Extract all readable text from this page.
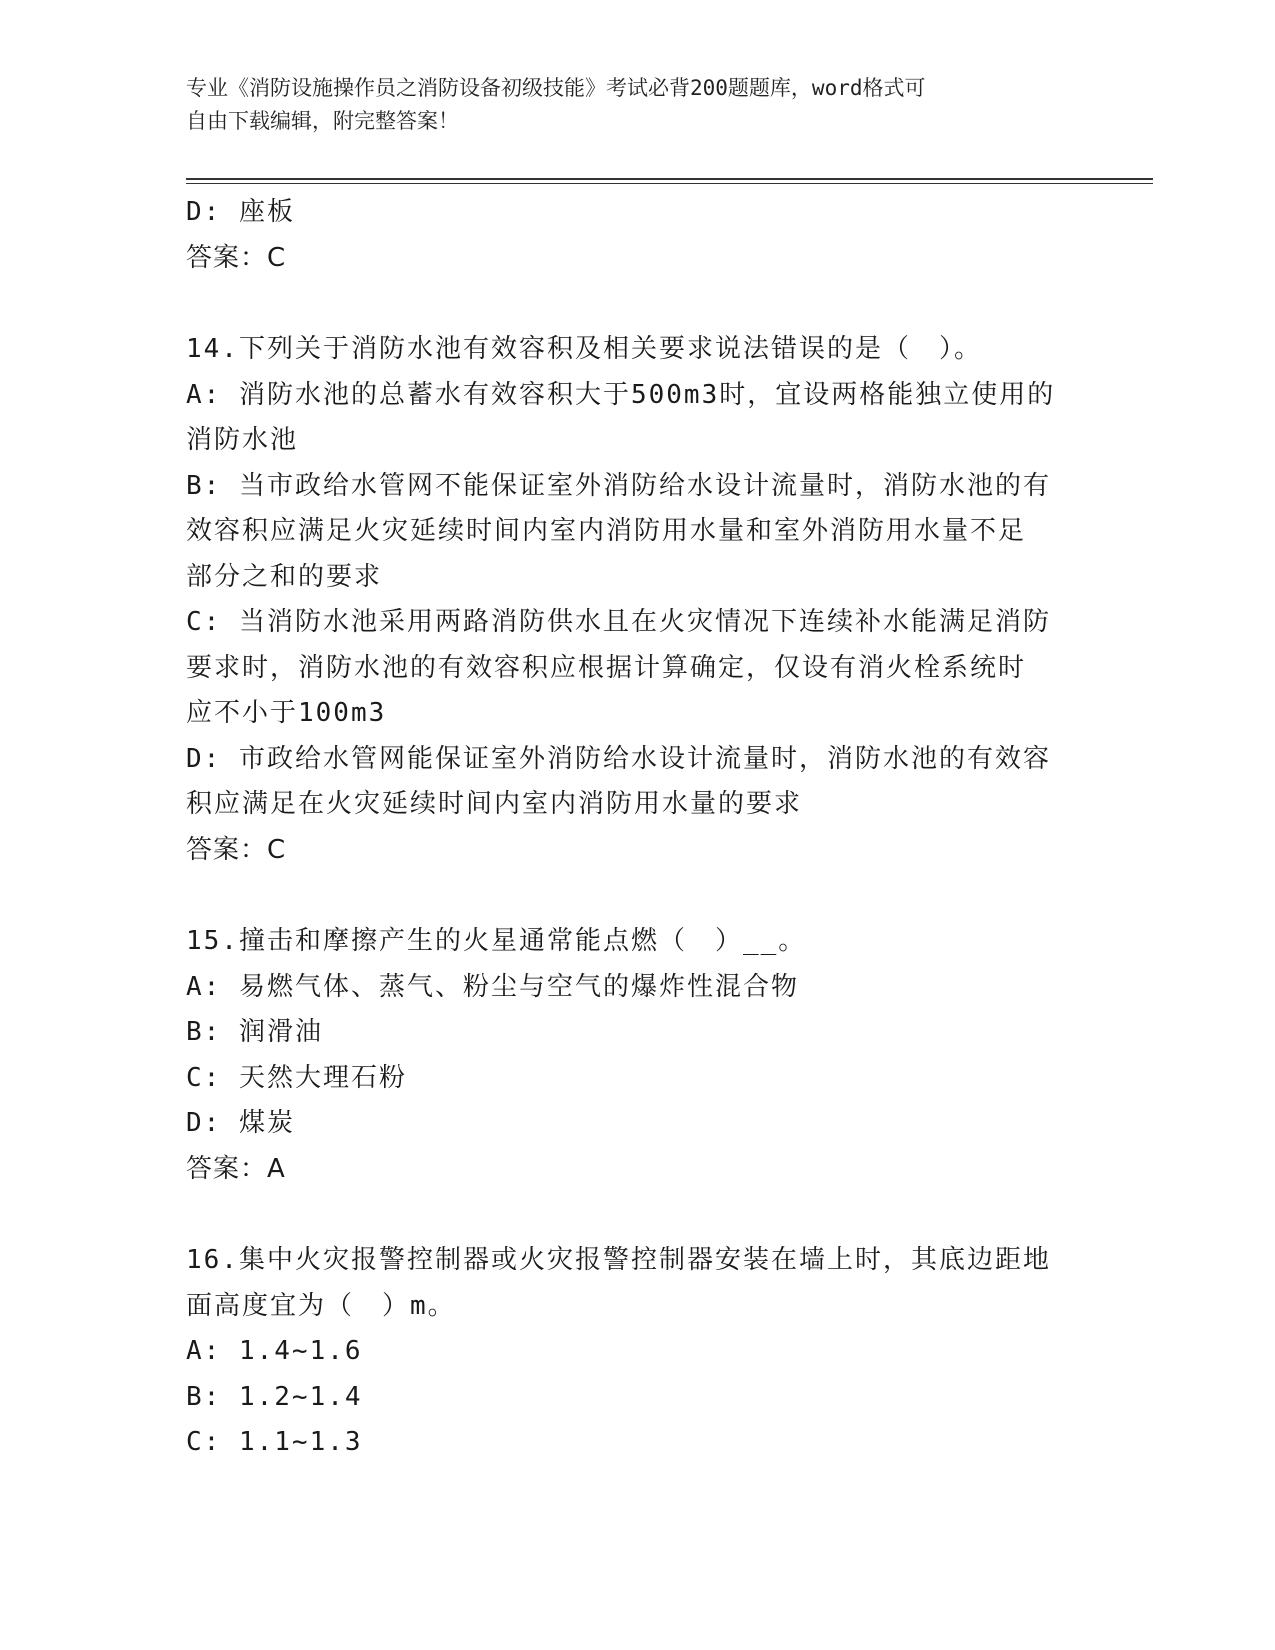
专业《消防设施操作员之消防设备初级技能》考试必背200题题库，word格式可
自由下载编辑，附完整答案！

D: 座板

答案：C

14.下列关于消防水池有效容积及相关要求说法错误的是（　）。

A: 消防水池的总蓄水有效容积大于500m3时，宜设两格能独立使用的

消防水池

B: 当市政给水管网不能保证室外消防给水设计流量时，消防水池的有

效容积应满足火灾延续时间内室内消防用水量和室外消防用水量不足

部分之和的要求

C: 当消防水池采用两路消防供水且在火灾情况下连续补水能满足消防

要求时，消防水池的有效容积应根据计算确定，仅设有消火栓系统时

应不小于100m3

D: 市政给水管网能保证室外消防给水设计流量时，消防水池的有效容

积应满足在火灾延续时间内室内消防用水量的要求

答案：C

15.撞击和摩擦产生的火星通常能点燃（　）__。

A: 易燃气体、蒸气、粉尘与空气的爆炸性混合物

B: 润滑油

C: 天然大理石粉

D: 煤炭

答案：A

16.集中火灾报警控制器或火灾报警控制器安装在墙上时，其底边距地

面高度宜为（　）m。

A: 1.4~1.6

B: 1.2~1.4

C: 1.1~1.3
